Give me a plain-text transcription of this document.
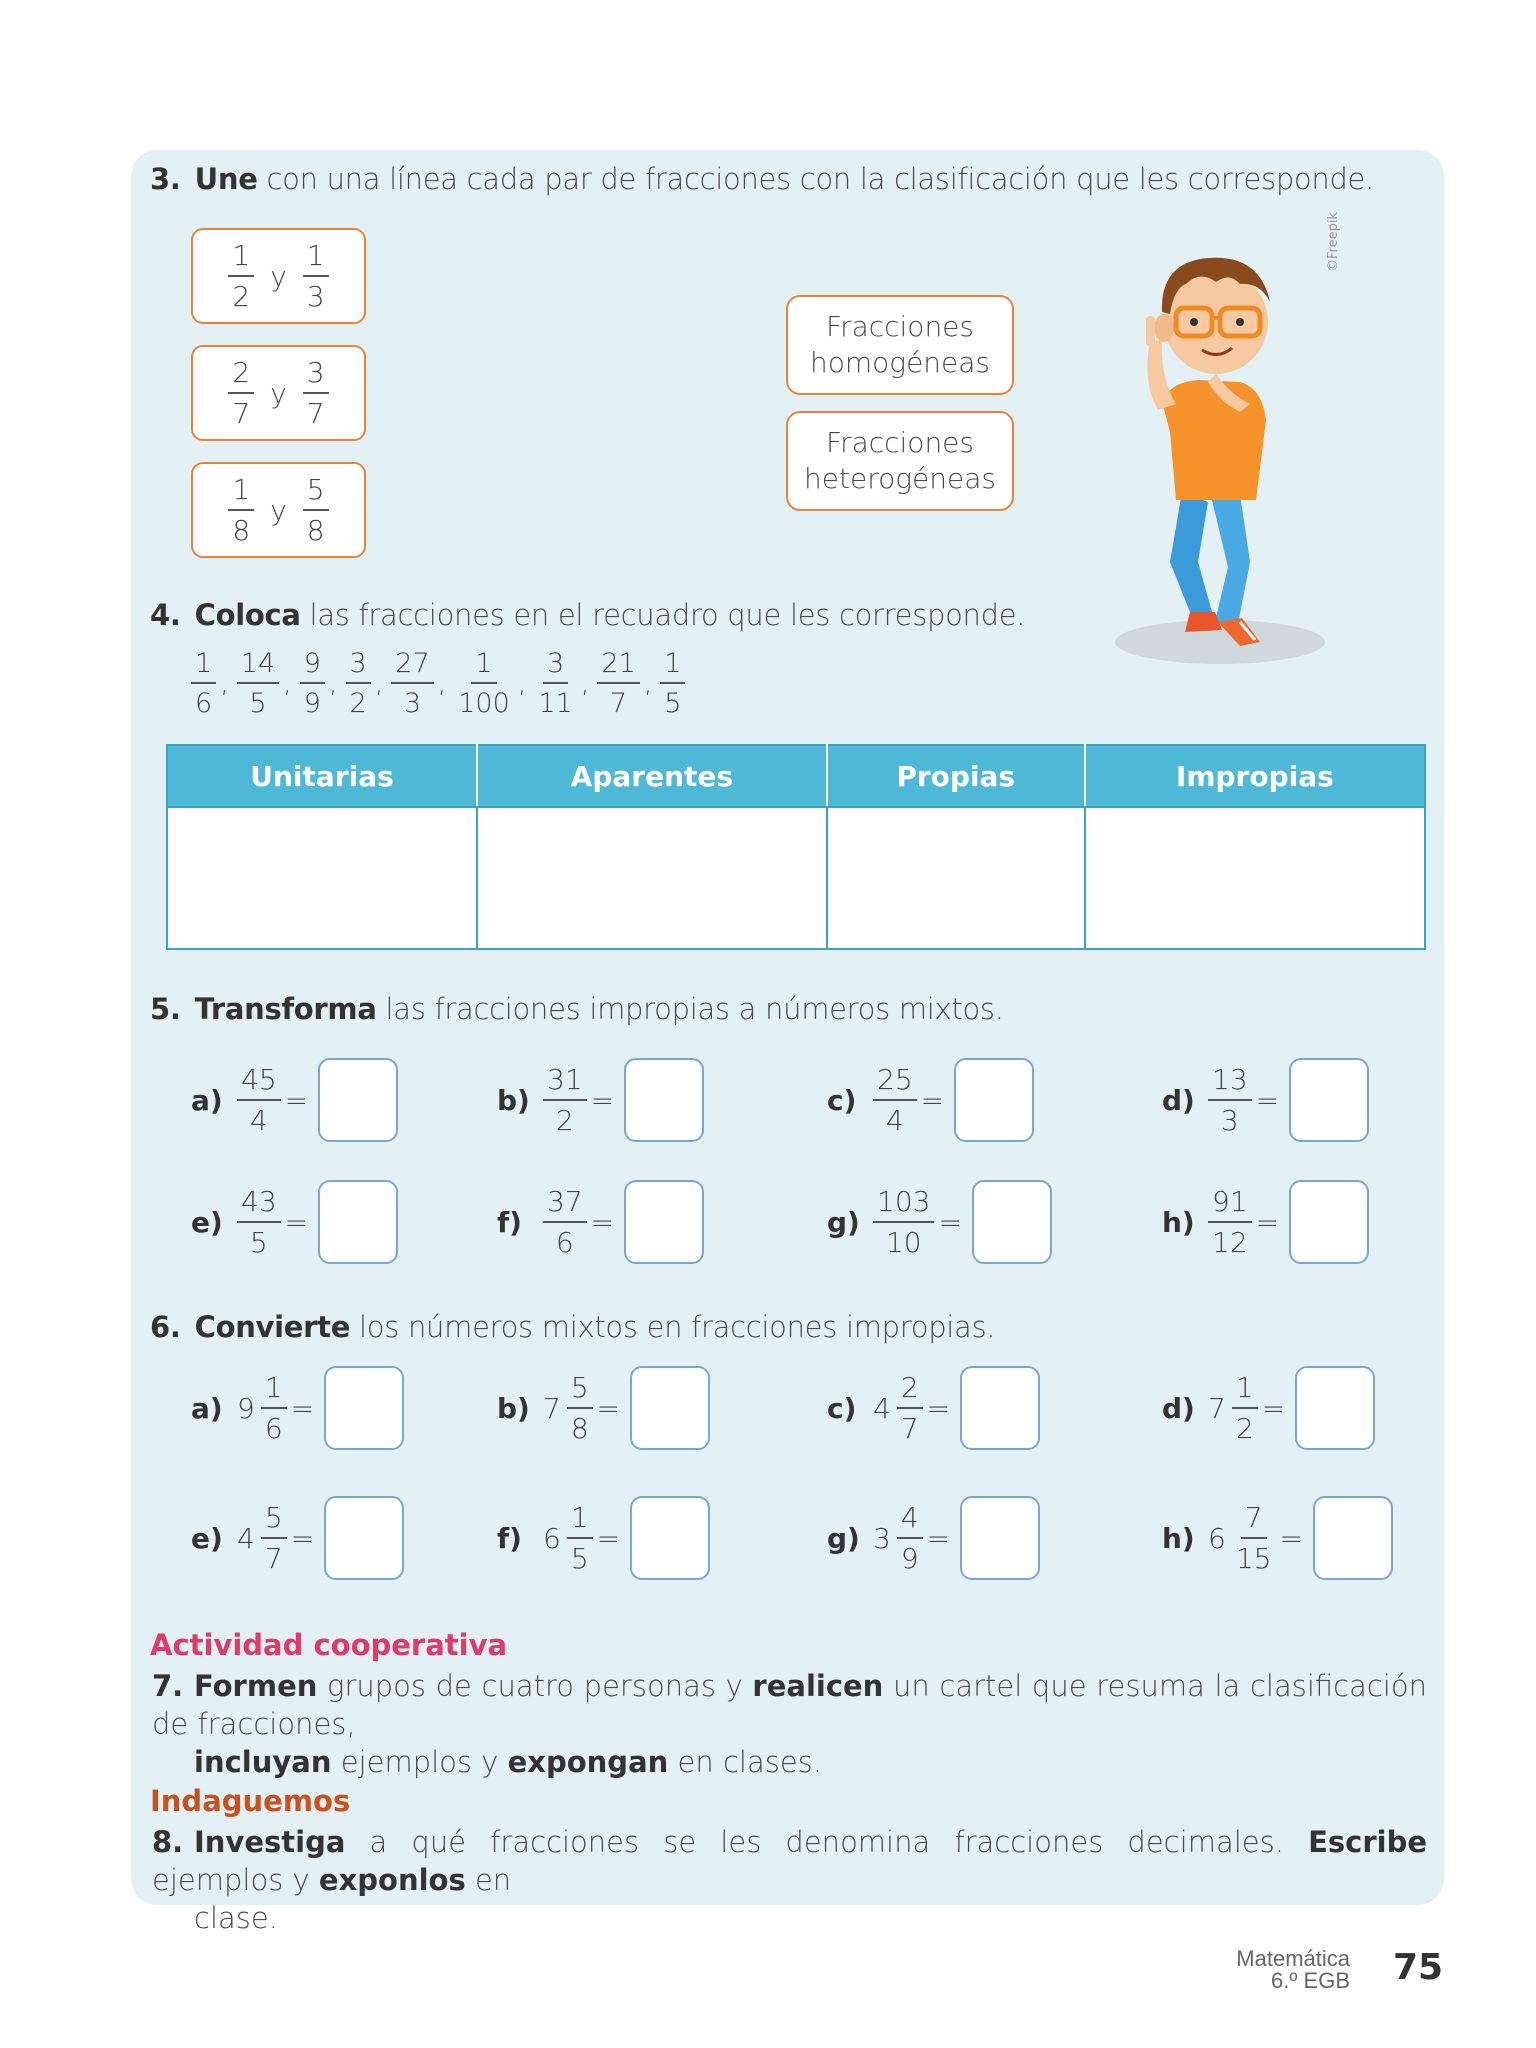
3. Une con una línea cada par de fracciones con la clasificación que les corresponde.
$\frac{1}{2}$ y $\frac{1}{3}$
$\frac{2}{7}$ y $\frac{3}{7}$
$\frac{1}{8}$ y $\frac{5}{8}$
Fracciones
homogéneas
Fracciones
heterogéneas
©Freepik
4. Coloca las fracciones en el recuadro que les corresponde.
$\frac{1}{6}$ , $\frac{14}{5}$ , $\frac{9}{9}$ , $\frac{3}{2}$ , $\frac{27}{3}$ , $\frac{1}{100}$ , $\frac{3}{11}$ , $\frac{21}{7}$ , $\frac{1}{5}$
Unitarias	Aparentes	Propias	Impropias

5. Transforma las fracciones impropias a números mixtos.
$a) \frac{45}{4}$ =	$b) \frac{31}{2}$ =	$c) \frac{25}{4}$ =	$d) \frac{13}{3}$ =
$e) \frac{43}{5}$ =	$f) \frac{37}{6}$ =	$g) \frac{103}{10}$ =	$h) \frac{91}{12}$ =
6. Convierte los números mixtos en fracciones impropias.
a) $9 \frac{1}{6}$ =	b) $7 \frac{5}{8}$ =	c) $4 \frac{2}{7}$ =	d) $7 \frac{1}{2}$ =
e) $4 \frac{5}{7}$ =	f) $6 \frac{1}{5}$ =	g) $3 \frac{4}{9}$ =	h) $6 \frac{7}{15}$ =
Actividad cooperativa
7. Formen grupos de cuatro personas y realicen un cartel que resuma la clasificación de fracciones,
incluyan ejemplos y expongan en clases.
Indaguemos
8. Investiga a qué fracciones se les denomina fracciones decimales. Escribe ejemplos y exponlos en
clase.
Matemática
6.º EGB 75
